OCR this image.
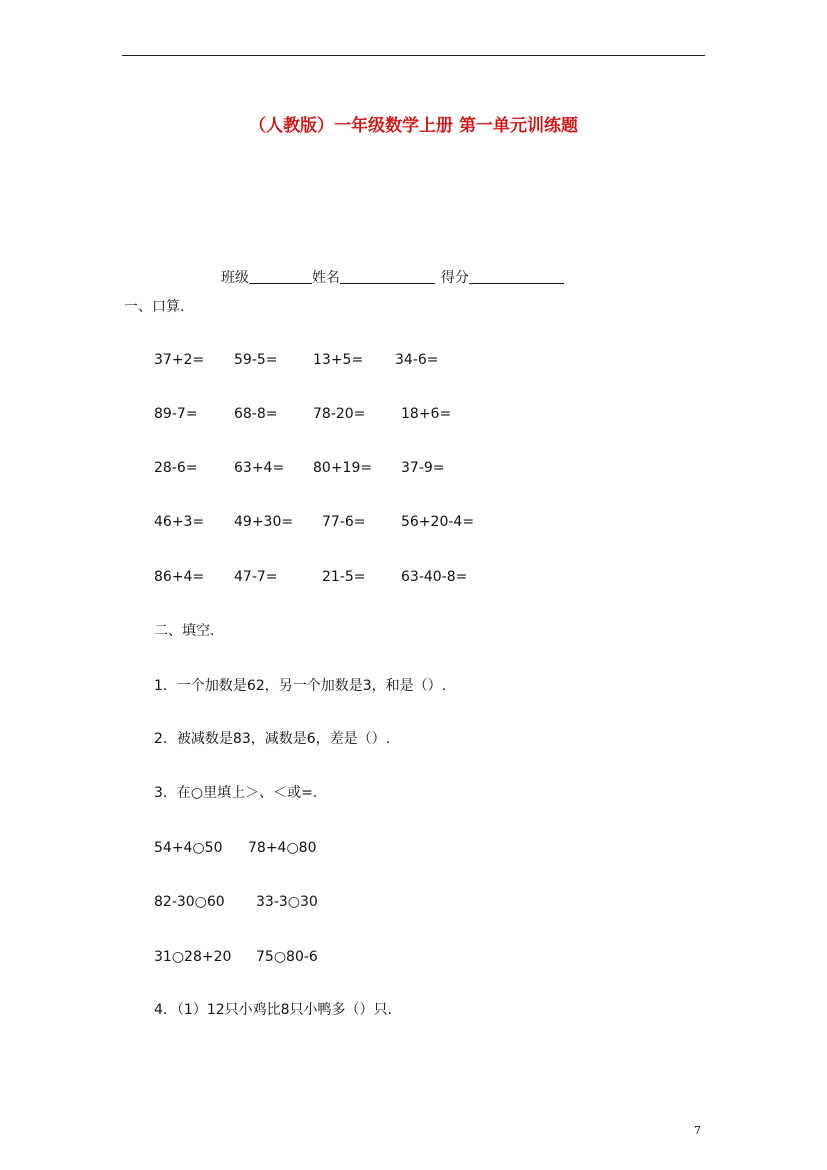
（人教版）一年级数学上册 第一单元训练题

班级	姓名	得分

一、口算.
37+2= 59-5=	13+5= 34-6=
89-7=	68-8=	78-20=	18+6=
28-6=	63+4= 80+19= 37-9=
46+3= 49+30= 77-6=	56+20-4=
86+4= 47-7=	21-5=	63-40-8=
二、填空.
1．一个加数是62，另一个加数是3，和是（）.
2．被减数是83，减数是6，差是（）.
3．在○里填上＞、＜或=.
54+4○50 78+4○80
82-30○60 33-3○30
31○28+20 75○80-6
4．（1）12只小鸡比8只小鸭多（）只.
7
